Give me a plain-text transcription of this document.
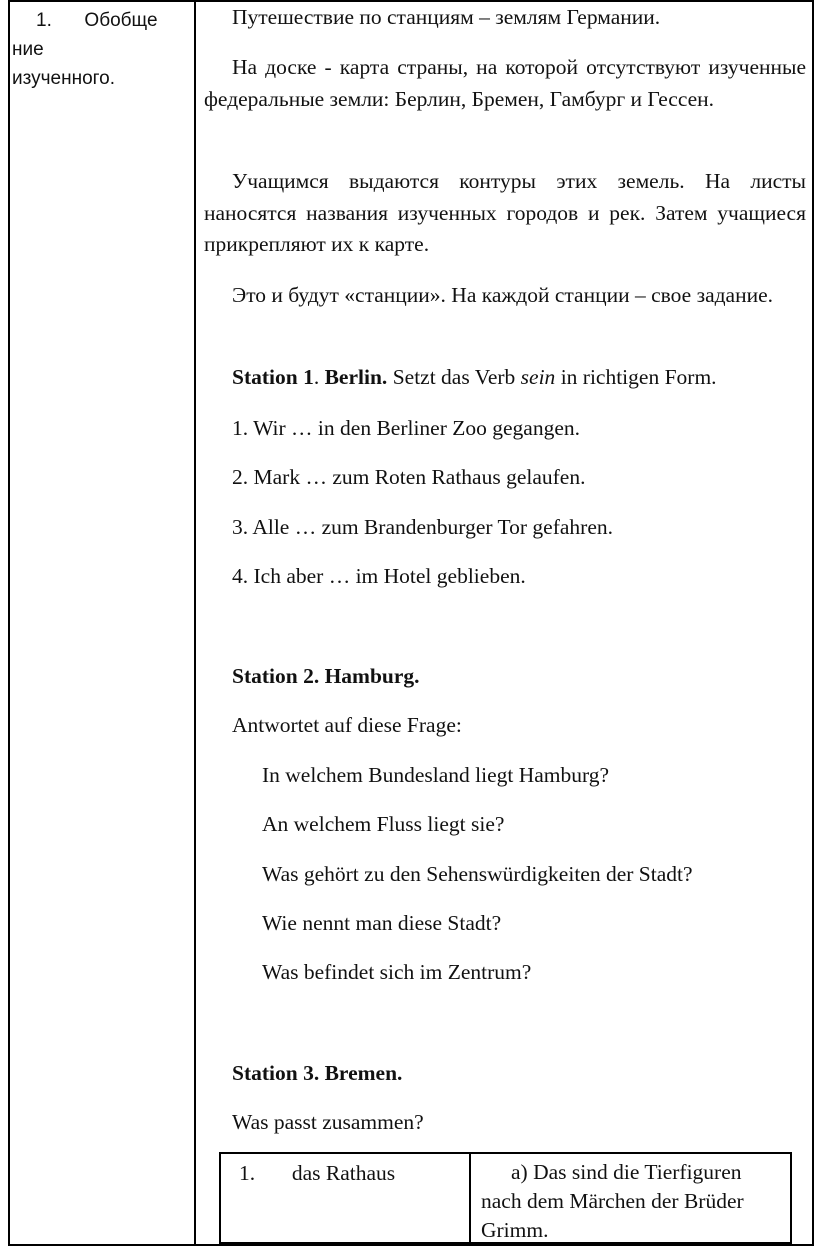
1. Обобще
ние
изученного.

Путешествие по станциям – землям Германии.

На доске - карта страны, на которой отсутствуют изученные федеральные земли: Берлин, Бремен, Гамбург и Гессен.

Учащимся выдаются контуры этих земель. На листы наносятся названия изученных городов и рек. Затем учащиеся прикрепляют их к карте.

Это и будут «станции». На каждой станции – свое задание.

Station 1. Berlin. Setzt das Verb sein in richtigen Form.
1. Wir … in den Berliner Zoo gegangen.
2. Mark … zum Roten Rathaus gelaufen.
3. Alle … zum Brandenburger Tor gefahren.
4. Ich aber … im Hotel geblieben.
Station 2. Hamburg.
Antwortet auf diese Frage:
In welchem Bundesland liegt Hamburg?
An welchem Fluss liegt sie?
Was gehört zu den Sehenswürdigkeiten der Stadt?
Wie nennt man diese Stadt?
Was befindet sich im Zentrum?
Station 3. Bremen.
Was passt zusammen?
1. das Rathaus	a) Das sind die Tierfiguren nach dem Märchen der Brüder Grimm.
